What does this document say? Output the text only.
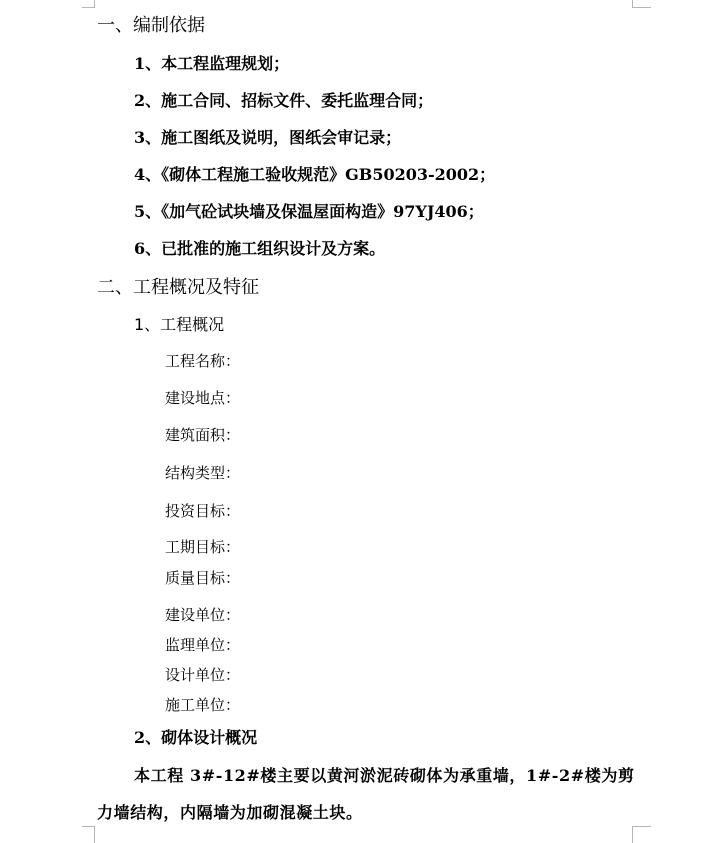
一、编制依据
1、本工程监理规划；
2、施工合同、招标文件、委托监理合同；
3、施工图纸及说明，图纸会审记录；
4、《砌体工程施工验收规范》GB50203-2002；
5、《加气砼试块墙及保温屋面构造》97YJ406；
6、已批准的施工组织设计及方案。
二、工程概况及特征
1、工程概况
工程名称：
建设地点：
建筑面积：
结构类型：
投资目标：
工期目标：
质量目标：
建设单位：
监理单位：
设计单位：
施工单位：
2、砌体设计概况
本工程 3#-12#楼主要以黄河淤泥砖砌体为承重墙，1#-2#楼为剪
力墙结构，内隔墙为加砌混凝土块。
